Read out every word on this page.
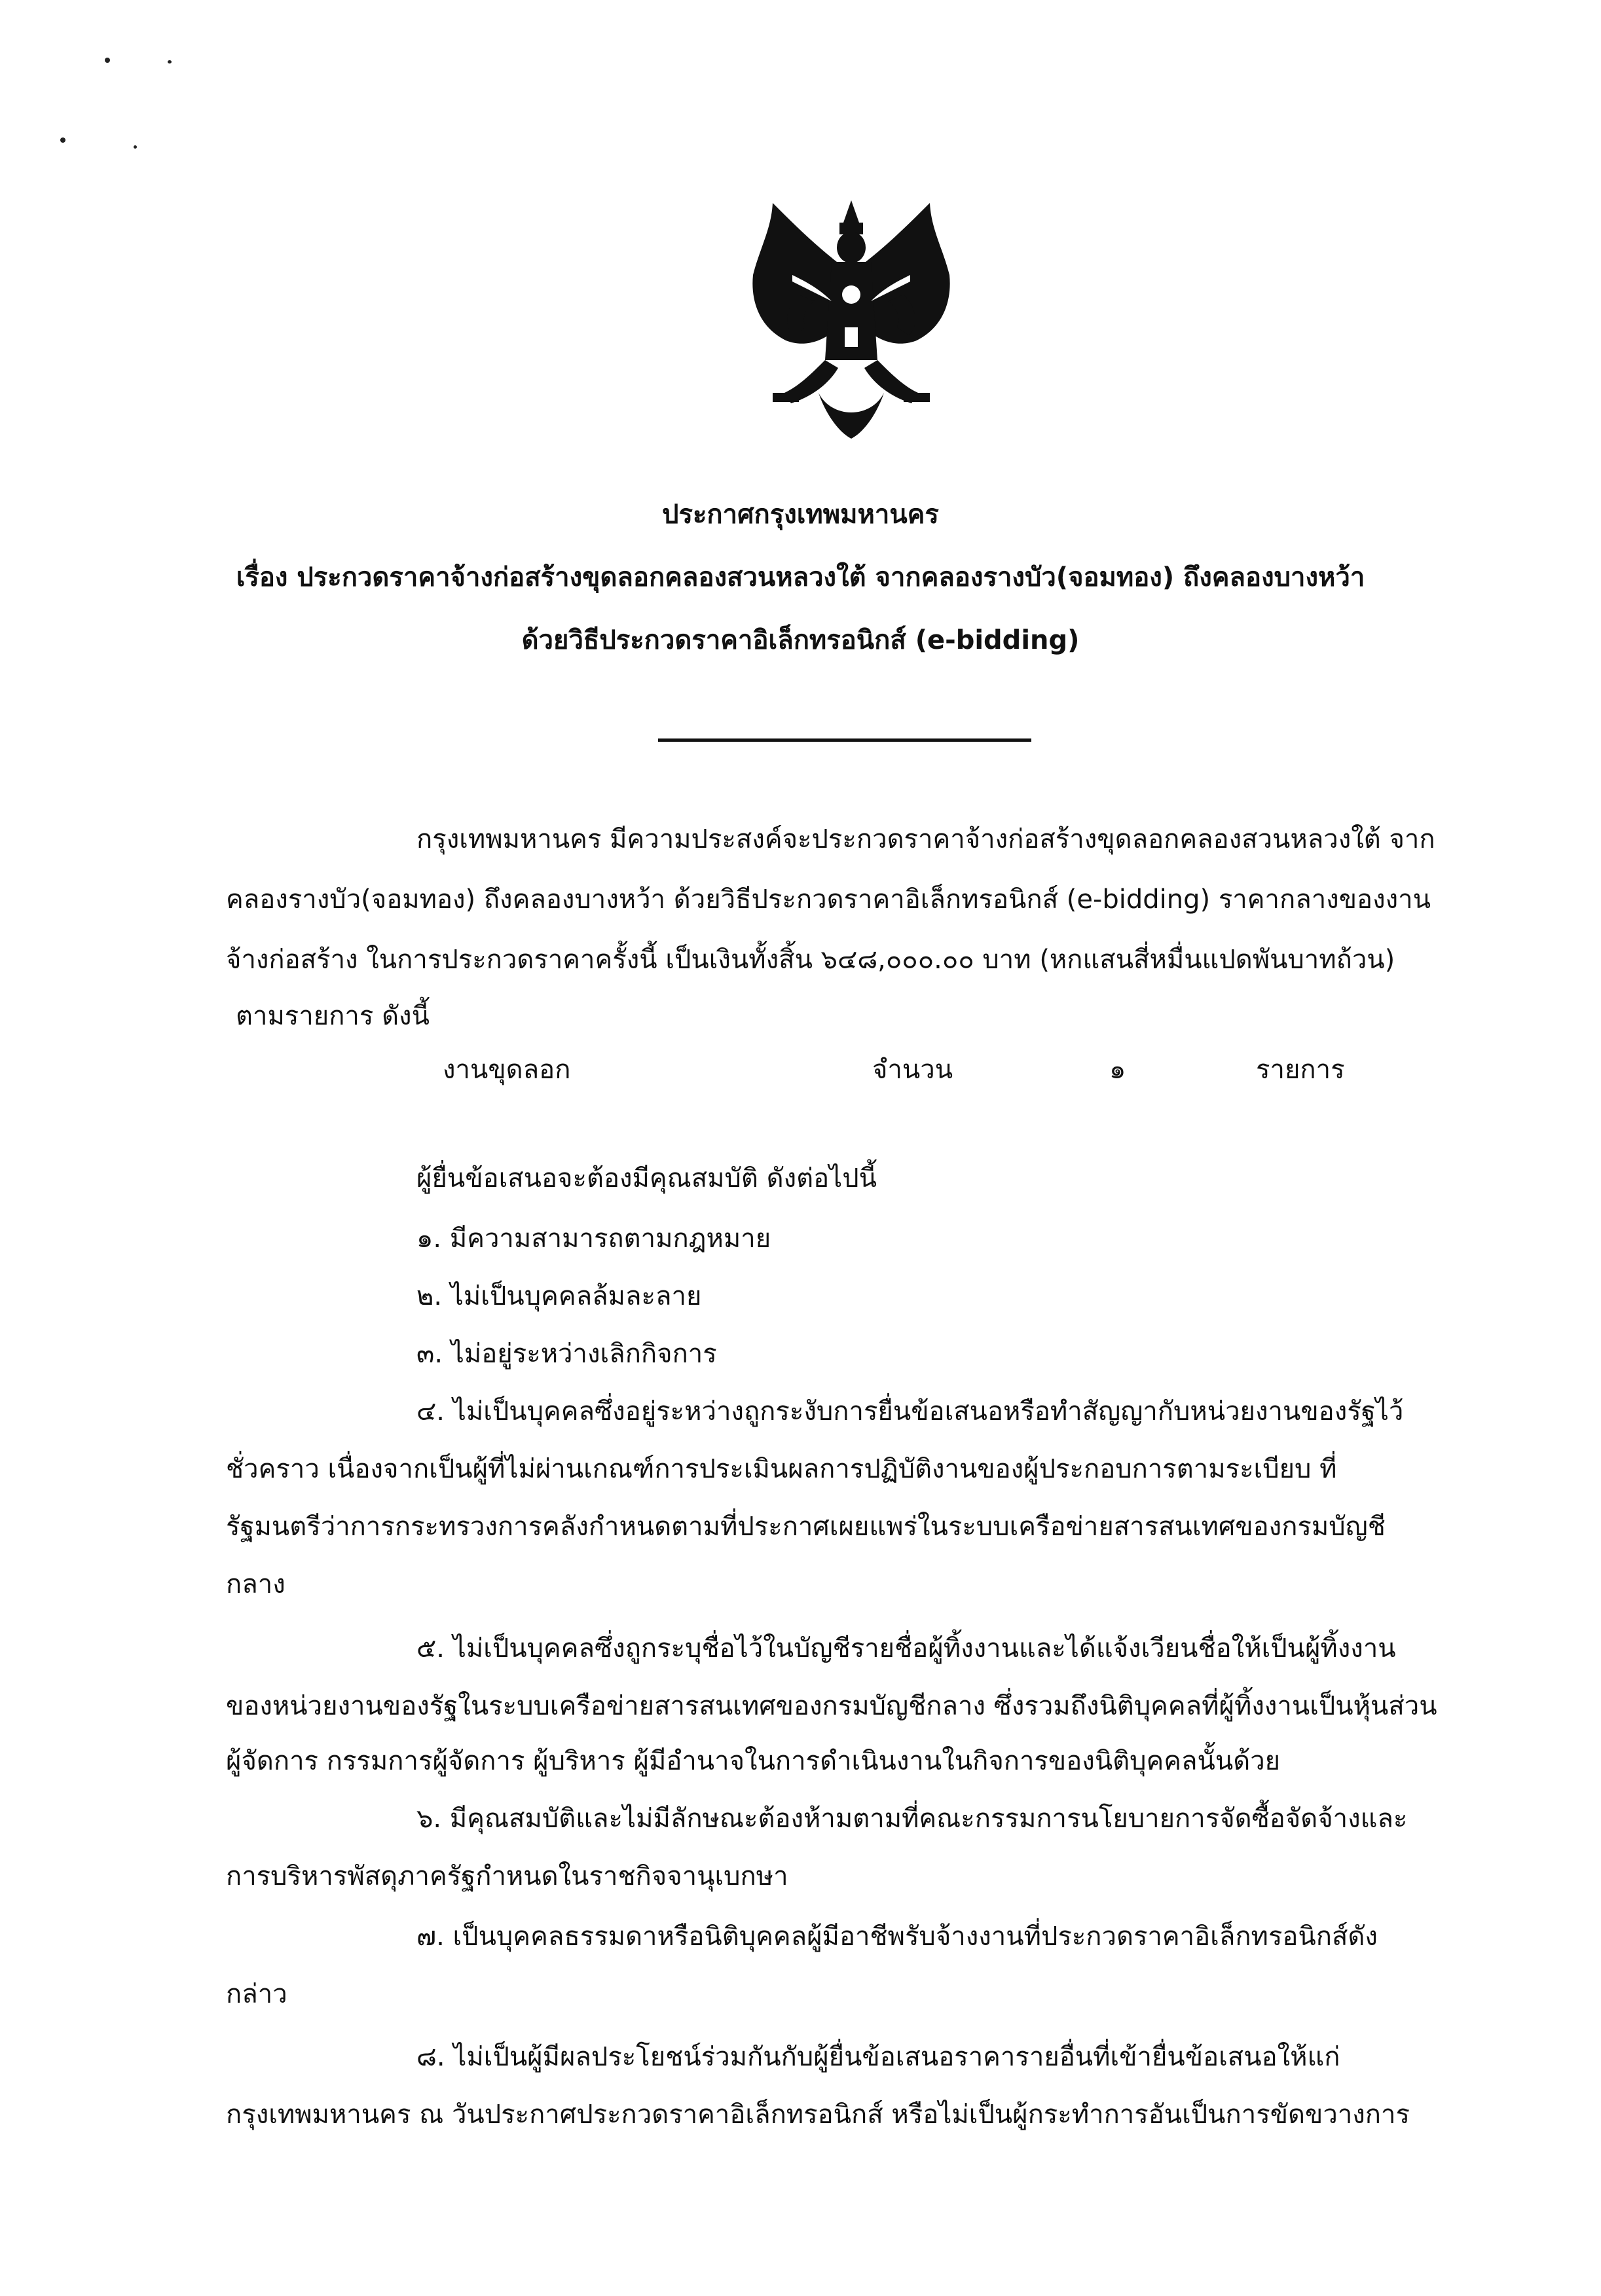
ประกาศกรุงเทพมหานคร
เรื่อง ประกวดราคาจ้างก่อสร้างขุดลอกคลองสวนหลวงใต้ จากคลองรางบัว(จอมทอง) ถึงคลองบางหว้า
ด้วยวิธีประกวดราคาอิเล็กทรอนิกส์ (e-bidding)
กรุงเทพมหานคร มีความประสงค์จะประกวดราคาจ้างก่อสร้างขุดลอกคลองสวนหลวงใต้ จาก
คลองรางบัว(จอมทอง) ถึงคลองบางหว้า ด้วยวิธีประกวดราคาอิเล็กทรอนิกส์ (e-bidding) ราคากลางของงาน
จ้างก่อสร้าง ในการประกวดราคาครั้งนี้ เป็นเงินทั้งสิ้น ๖๔๘,๐๐๐.๐๐ บาท (หกแสนสี่หมื่นแปดพันบาทถ้วน)
ตามรายการ ดังนี้
งานขุดลอก	จำนวน	๑	รายการ
ผู้ยื่นข้อเสนอจะต้องมีคุณสมบัติ ดังต่อไปนี้
๑. มีความสามารถตามกฎหมาย
๒. ไม่เป็นบุคคลล้มละลาย
๓. ไม่อยู่ระหว่างเลิกกิจการ
๔. ไม่เป็นบุคคลซึ่งอยู่ระหว่างถูกระงับการยื่นข้อเสนอหรือทำสัญญากับหน่วยงานของรัฐไว้
ชั่วคราว เนื่องจากเป็นผู้ที่ไม่ผ่านเกณฑ์การประเมินผลการปฏิบัติงานของผู้ประกอบการตามระเบียบ ที่
รัฐมนตรีว่าการกระทรวงการคลังกำหนดตามที่ประกาศเผยแพร่ในระบบเครือข่ายสารสนเทศของกรมบัญชี
กลาง
๕. ไม่เป็นบุคคลซึ่งถูกระบุชื่อไว้ในบัญชีรายชื่อผู้ทิ้งงานและได้แจ้งเวียนชื่อให้เป็นผู้ทิ้งงาน
ของหน่วยงานของรัฐในระบบเครือข่ายสารสนเทศของกรมบัญชีกลาง ซึ่งรวมถึงนิติบุคคลที่ผู้ทิ้งงานเป็นหุ้นส่วน
ผู้จัดการ กรรมการผู้จัดการ ผู้บริหาร ผู้มีอำนาจในการดำเนินงานในกิจการของนิติบุคคลนั้นด้วย
๖. มีคุณสมบัติและไม่มีลักษณะต้องห้ามตามที่คณะกรรมการนโยบายการจัดซื้อจัดจ้างและ
การบริหารพัสดุภาครัฐกำหนดในราชกิจจานุเบกษา
๗. เป็นบุคคลธรรมดาหรือนิติบุคคลผู้มีอาชีพรับจ้างงานที่ประกวดราคาอิเล็กทรอนิกส์ดัง
กล่าว
๘. ไม่เป็นผู้มีผลประโยชน์ร่วมกันกับผู้ยื่นข้อเสนอราคารายอื่นที่เข้ายื่นข้อเสนอให้แก่
กรุงเทพมหานคร ณ วันประกาศประกวดราคาอิเล็กทรอนิกส์ หรือไม่เป็นผู้กระทำการอันเป็นการขัดขวางการ
